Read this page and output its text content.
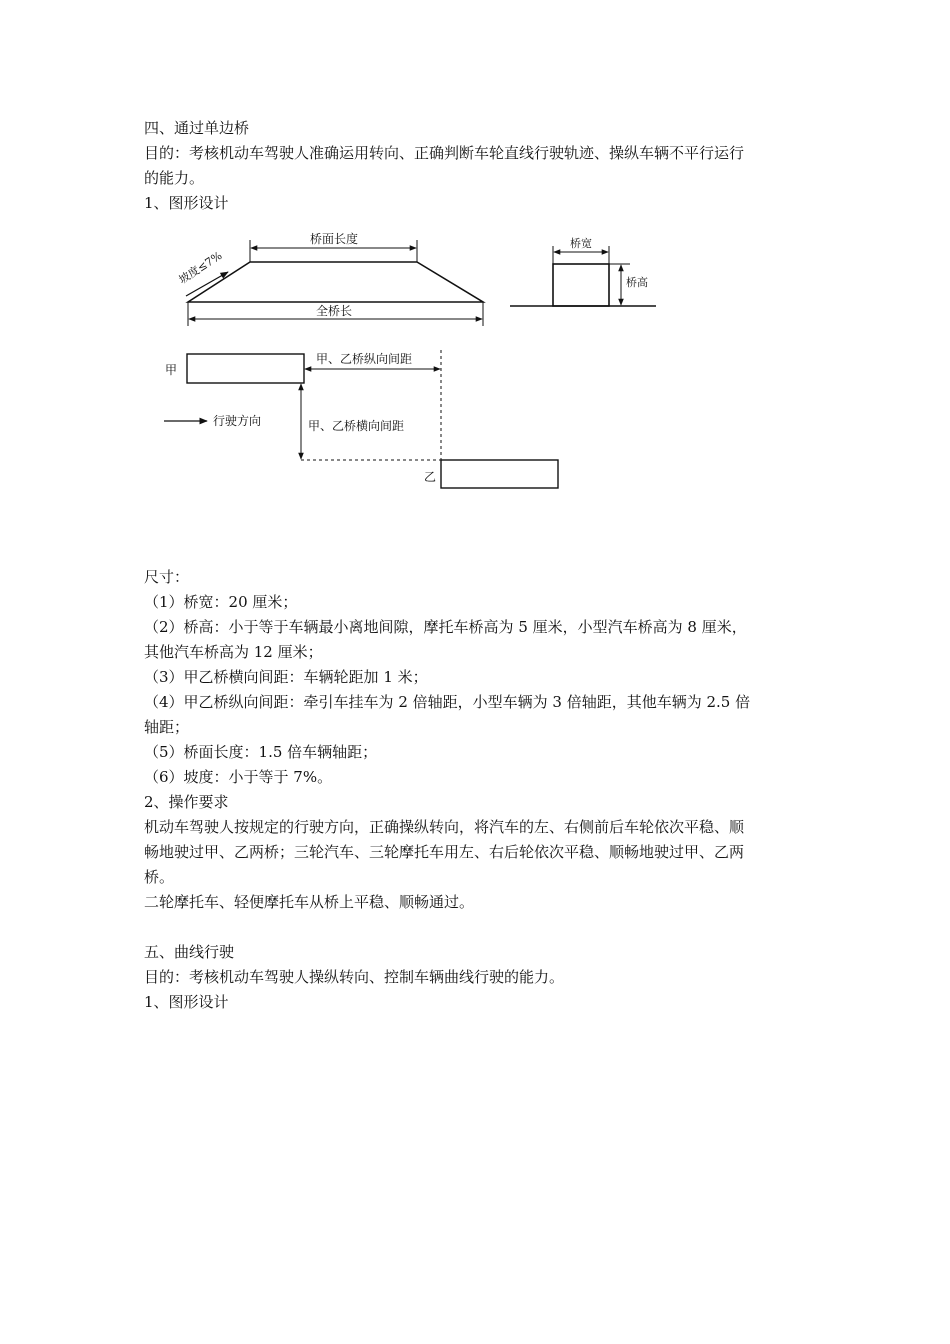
四、通过单边桥
目的：考核机动车驾驶人准确运用转向、正确判断车轮直线行驶轨迹、操纵车辆不平行运行
的能力。
1、图形设计
桥面长度
全桥长
坡度≤7%
桥宽
桥高
甲
甲、乙桥纵向间距
甲、乙桥横向间距
行驶方向
乙
尺寸：
（1）桥宽：20 厘米；
（2）桥高：小于等于车辆最小离地间隙，摩托车桥高为 5 厘米，小型汽车桥高为 8 厘米，
其他汽车桥高为 12 厘米；
（3）甲乙桥横向间距：车辆轮距加 1 米；
（4）甲乙桥纵向间距：牵引车挂车为 2 倍轴距，小型车辆为 3 倍轴距，其他车辆为 2.5 倍
轴距；
（5）桥面长度：1.5 倍车辆轴距；
（6）坡度：小于等于 7%。
2、操作要求
机动车驾驶人按规定的行驶方向，正确操纵转向，将汽车的左、右侧前后车轮依次平稳、顺
畅地驶过甲、乙两桥；三轮汽车、三轮摩托车用左、右后轮依次平稳、顺畅地驶过甲、乙两
桥。
二轮摩托车、轻便摩托车从桥上平稳、顺畅通过。
五、曲线行驶
目的：考核机动车驾驶人操纵转向、控制车辆曲线行驶的能力。
1、图形设计
